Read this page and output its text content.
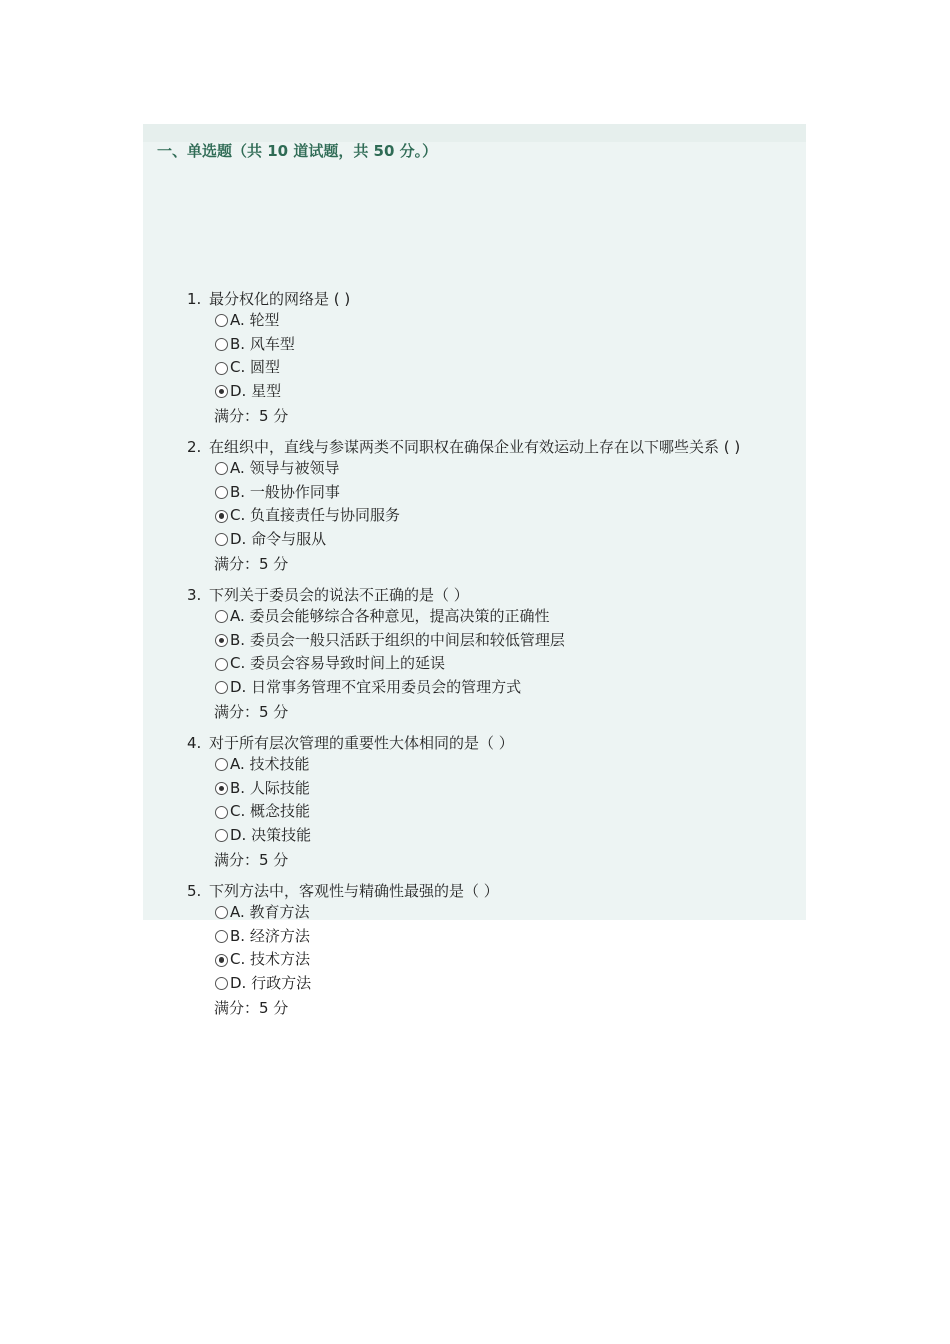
一、单选题（共 10 道试题，共 50 分。）
1. 最分权化的网络是 ( )
A. 轮型
B. 风车型
C. 圆型
D. 星型
满分：5 分
2. 在组织中，直线与参谋两类不同职权在确保企业有效运动上存在以下哪些关系 ( )
A. 领导与被领导
B. 一般协作同事
C. 负直接责任与协同服务
D. 命令与服从
满分：5 分
3. 下列关于委员会的说法不正确的是（ ）
A. 委员会能够综合各种意见，提高决策的正确性
B. 委员会一般只活跃于组织的中间层和较低管理层
C. 委员会容易导致时间上的延误
D. 日常事务管理不宜采用委员会的管理方式
满分：5 分
4. 对于所有层次管理的重要性大体相同的是（ ）
A. 技术技能
B. 人际技能
C. 概念技能
D. 决策技能
满分：5 分
5. 下列方法中，客观性与精确性最强的是（ ）
A. 教育方法
B. 经济方法
C. 技术方法
D. 行政方法
满分：5 分
